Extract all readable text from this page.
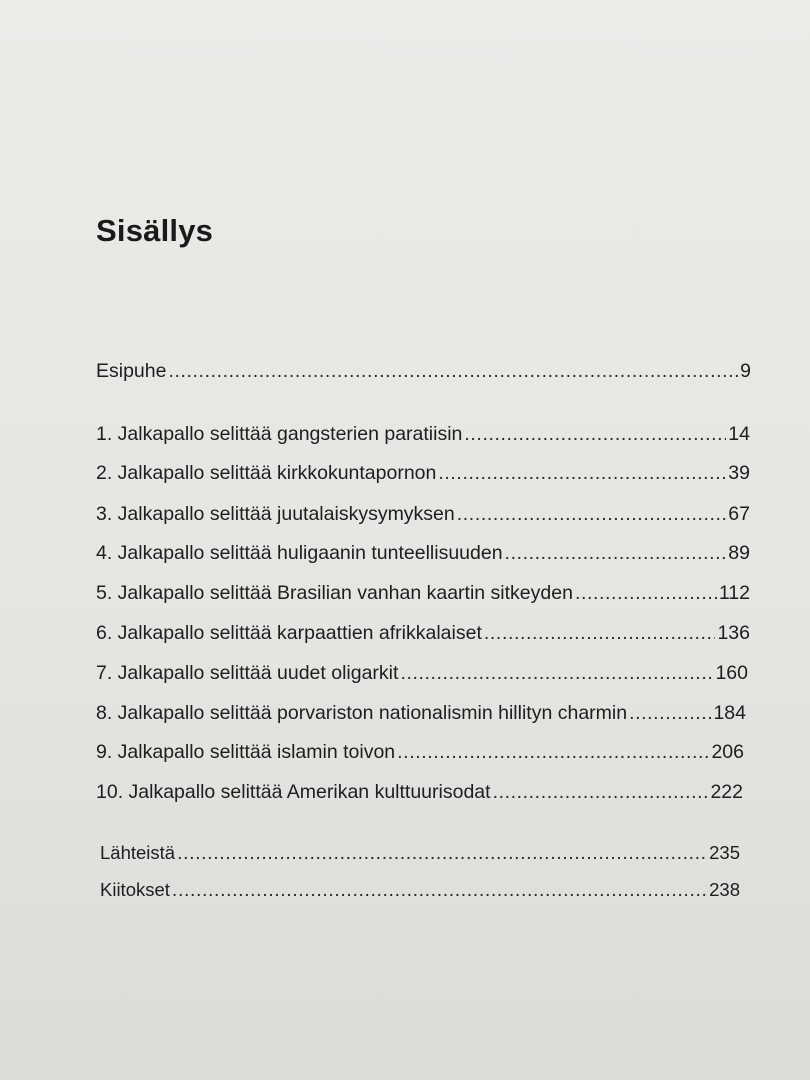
Sisällys
Esipuhe .....	9
1. Jalkapallo selittää gangsterien paratiisin .....	14
2. Jalkapallo selittää kirkkokuntapornon .....	39
3. Jalkapallo selittää juutalaiskysymyksen .....	67
4. Jalkapallo selittää huligaanin tunteellisuuden .....	89
5. Jalkapallo selittää Brasilian vanhan kaartin sitkeyden .....	112
6. Jalkapallo selittää karpaattien afrikkalaiset .....	136
7. Jalkapallo selittää uudet oligarkit .....	160
8. Jalkapallo selittää porvariston nationalismin hillityn charmin .....	184
9. Jalkapallo selittää islamin toivon .....	206
10. Jalkapallo selittää Amerikan kulttuurisodat .....	222
Lähteistä .....	235
Kiitokset .....	238
